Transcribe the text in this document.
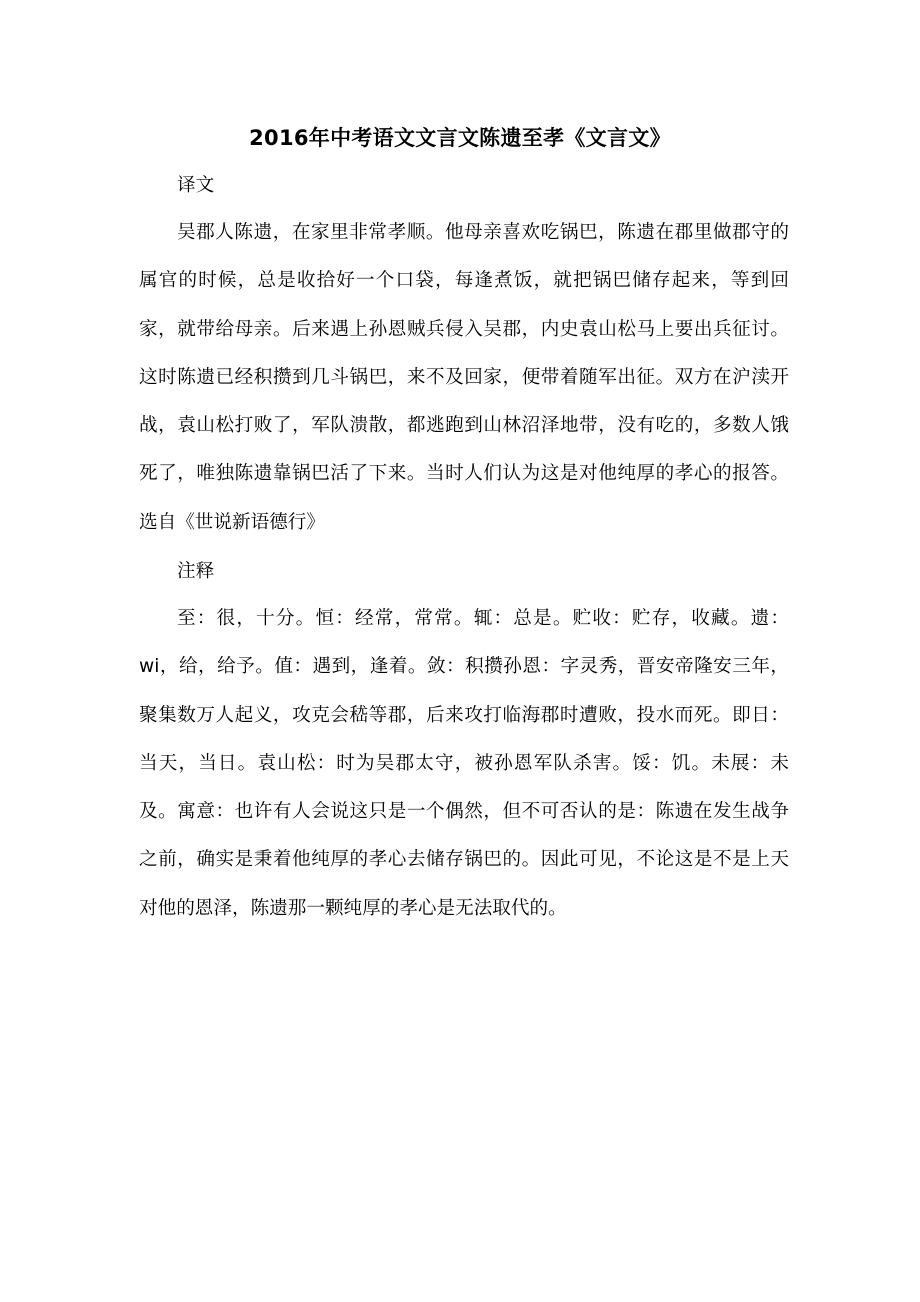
2016年中考语文文言文陈遗至孝《文言文》
译文

吴郡人陈遗，在家里非常孝顺。他母亲喜欢吃锅巴，陈遗在郡里做郡守的属官的时候，总是收拾好一个口袋，每逢煮饭，就把锅巴储存起来，等到回家，就带给母亲。后来遇上孙恩贼兵侵入吴郡，内史袁山松马上要出兵征讨。这时陈遗已经积攒到几斗锅巴，来不及回家，便带着随军出征。双方在沪渎开战，袁山松打败了，军队溃散，都逃跑到山林沼泽地带，没有吃的，多数人饿死了，唯独陈遗靠锅巴活了下来。当时人们认为这是对他纯厚的孝心的报答。选自《世说新语德行》

注释

至：很，十分。恒：经常，常常。辄：总是。贮收：贮存，收藏。遗：wi，给，给予。值：遇到，逢着。敛：积攒孙恩：字灵秀，晋安帝隆安三年，聚集数万人起义，攻克会嵇等郡，后来攻打临海郡时遭败，投水而死。即日：当天，当日。袁山松：时为吴郡太守，被孙恩军队杀害。馁：饥。未展：未及。寓意：也许有人会说这只是一个偶然，但不可否认的是：陈遗在发生战争之前，确实是秉着他纯厚的孝心去储存锅巴的。因此可见，不论这是不是上天对他的恩泽，陈遗那一颗纯厚的孝心是无法取代的。
